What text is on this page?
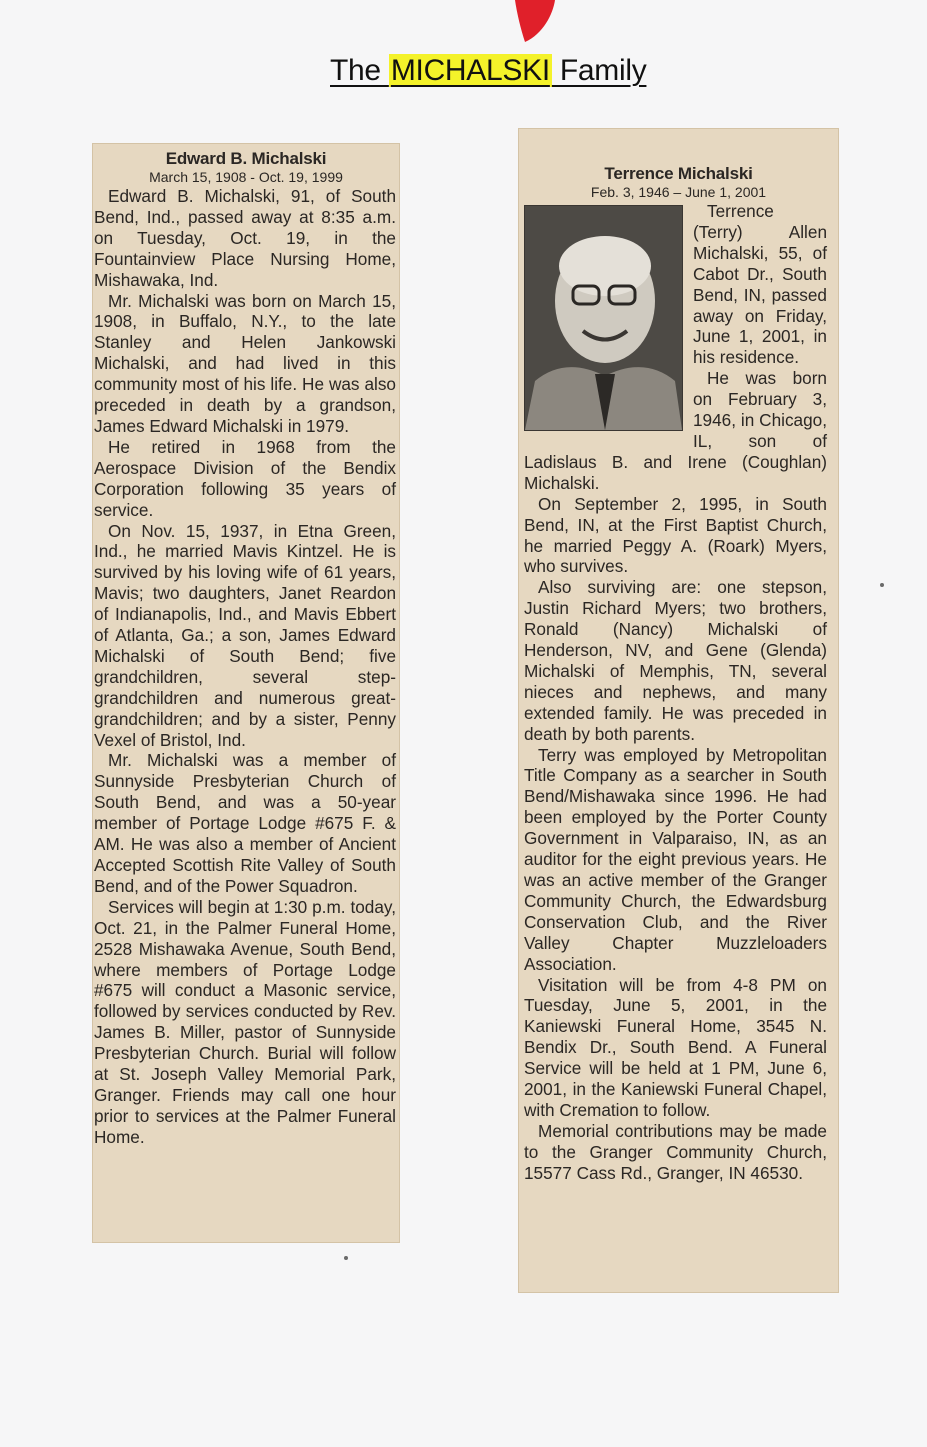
The MICHALSKI Family
Edward B. Michalski
March 15, 1908 - Oct. 19, 1999

Edward B. Michalski, 91, of South Bend, Ind., passed away at 8:35 a.m. on Tuesday, Oct. 19, in the Fountainview Place Nursing Home, Mishawaka, Ind.

Mr. Michalski was born on March 15, 1908, in Buffalo, N.Y., to the late Stanley and Helen Jankowski Michalski, and had lived in this community most of his life. He was also preceded in death by a grandson, James Edward Michalski in 1979.

He retired in 1968 from the Aerospace Division of the Bendix Corporation following 35 years of service.

On Nov. 15, 1937, in Etna Green, Ind., he married Mavis Kintzel. He is survived by his loving wife of 61 years, Mavis; two daughters, Janet Reardon of Indianapolis, Ind., and Mavis Ebbert of Atlanta, Ga.; a son, James Edward Michalski of South Bend; five grandchildren, several step-grandchildren and numerous great-grandchildren; and by a sister, Penny Vexel of Bristol, Ind.

Mr. Michalski was a member of Sunnyside Presbyterian Church of South Bend, and was a 50-year member of Portage Lodge #675 F. & AM. He was also a member of Ancient Accepted Scottish Rite Valley of South Bend, and of the Power Squadron.

Services will begin at 1:30 p.m. today, Oct. 21, in the Palmer Funeral Home, 2528 Mishawaka Avenue, South Bend, where members of Portage Lodge #675 will conduct a Masonic service, followed by services conducted by Rev. James B. Miller, pastor of Sunnyside Presbyterian Church. Burial will follow at St. Joseph Valley Memorial Park, Granger. Friends may call one hour prior to services at the Palmer Funeral Home.

Terrence Michalski
Feb. 3, 1946 – June 1, 2001

Terrence (Terry) Allen Michalski, 55, of Cabot Dr., South Bend, IN, passed away on Friday, June 1, 2001, in his residence.

He was born on February 3, 1946, in Chicago, IL, son of Ladislaus B. and Irene (Coughlan) Michalski.

On September 2, 1995, in South Bend, IN, at the First Baptist Church, he married Peggy A. (Roark) Myers, who survives.

Also surviving are: one stepson, Justin Richard Myers; two brothers, Ronald (Nancy) Michalski of Henderson, NV, and Gene (Glenda) Michalski of Memphis, TN, several nieces and nephews, and many extended family. He was preceded in death by both parents.

Terry was employed by Metropolitan Title Company as a searcher in South Bend/Mishawaka since 1996. He had been employed by the Porter County Government in Valparaiso, IN, as an auditor for the eight previous years. He was an active member of the Granger Community Church, the Edwardsburg Conservation Club, and the River Valley Chapter Muzzleloaders Association.

Visitation will be from 4-8 PM on Tuesday, June 5, 2001, in the Kaniewski Funeral Home, 3545 N. Bendix Dr., South Bend. A Funeral Service will be held at 1 PM, June 6, 2001, in the Kaniewski Funeral Chapel, with Cremation to follow.

Memorial contributions may be made to the Granger Community Church, 15577 Cass Rd., Granger, IN 46530.
